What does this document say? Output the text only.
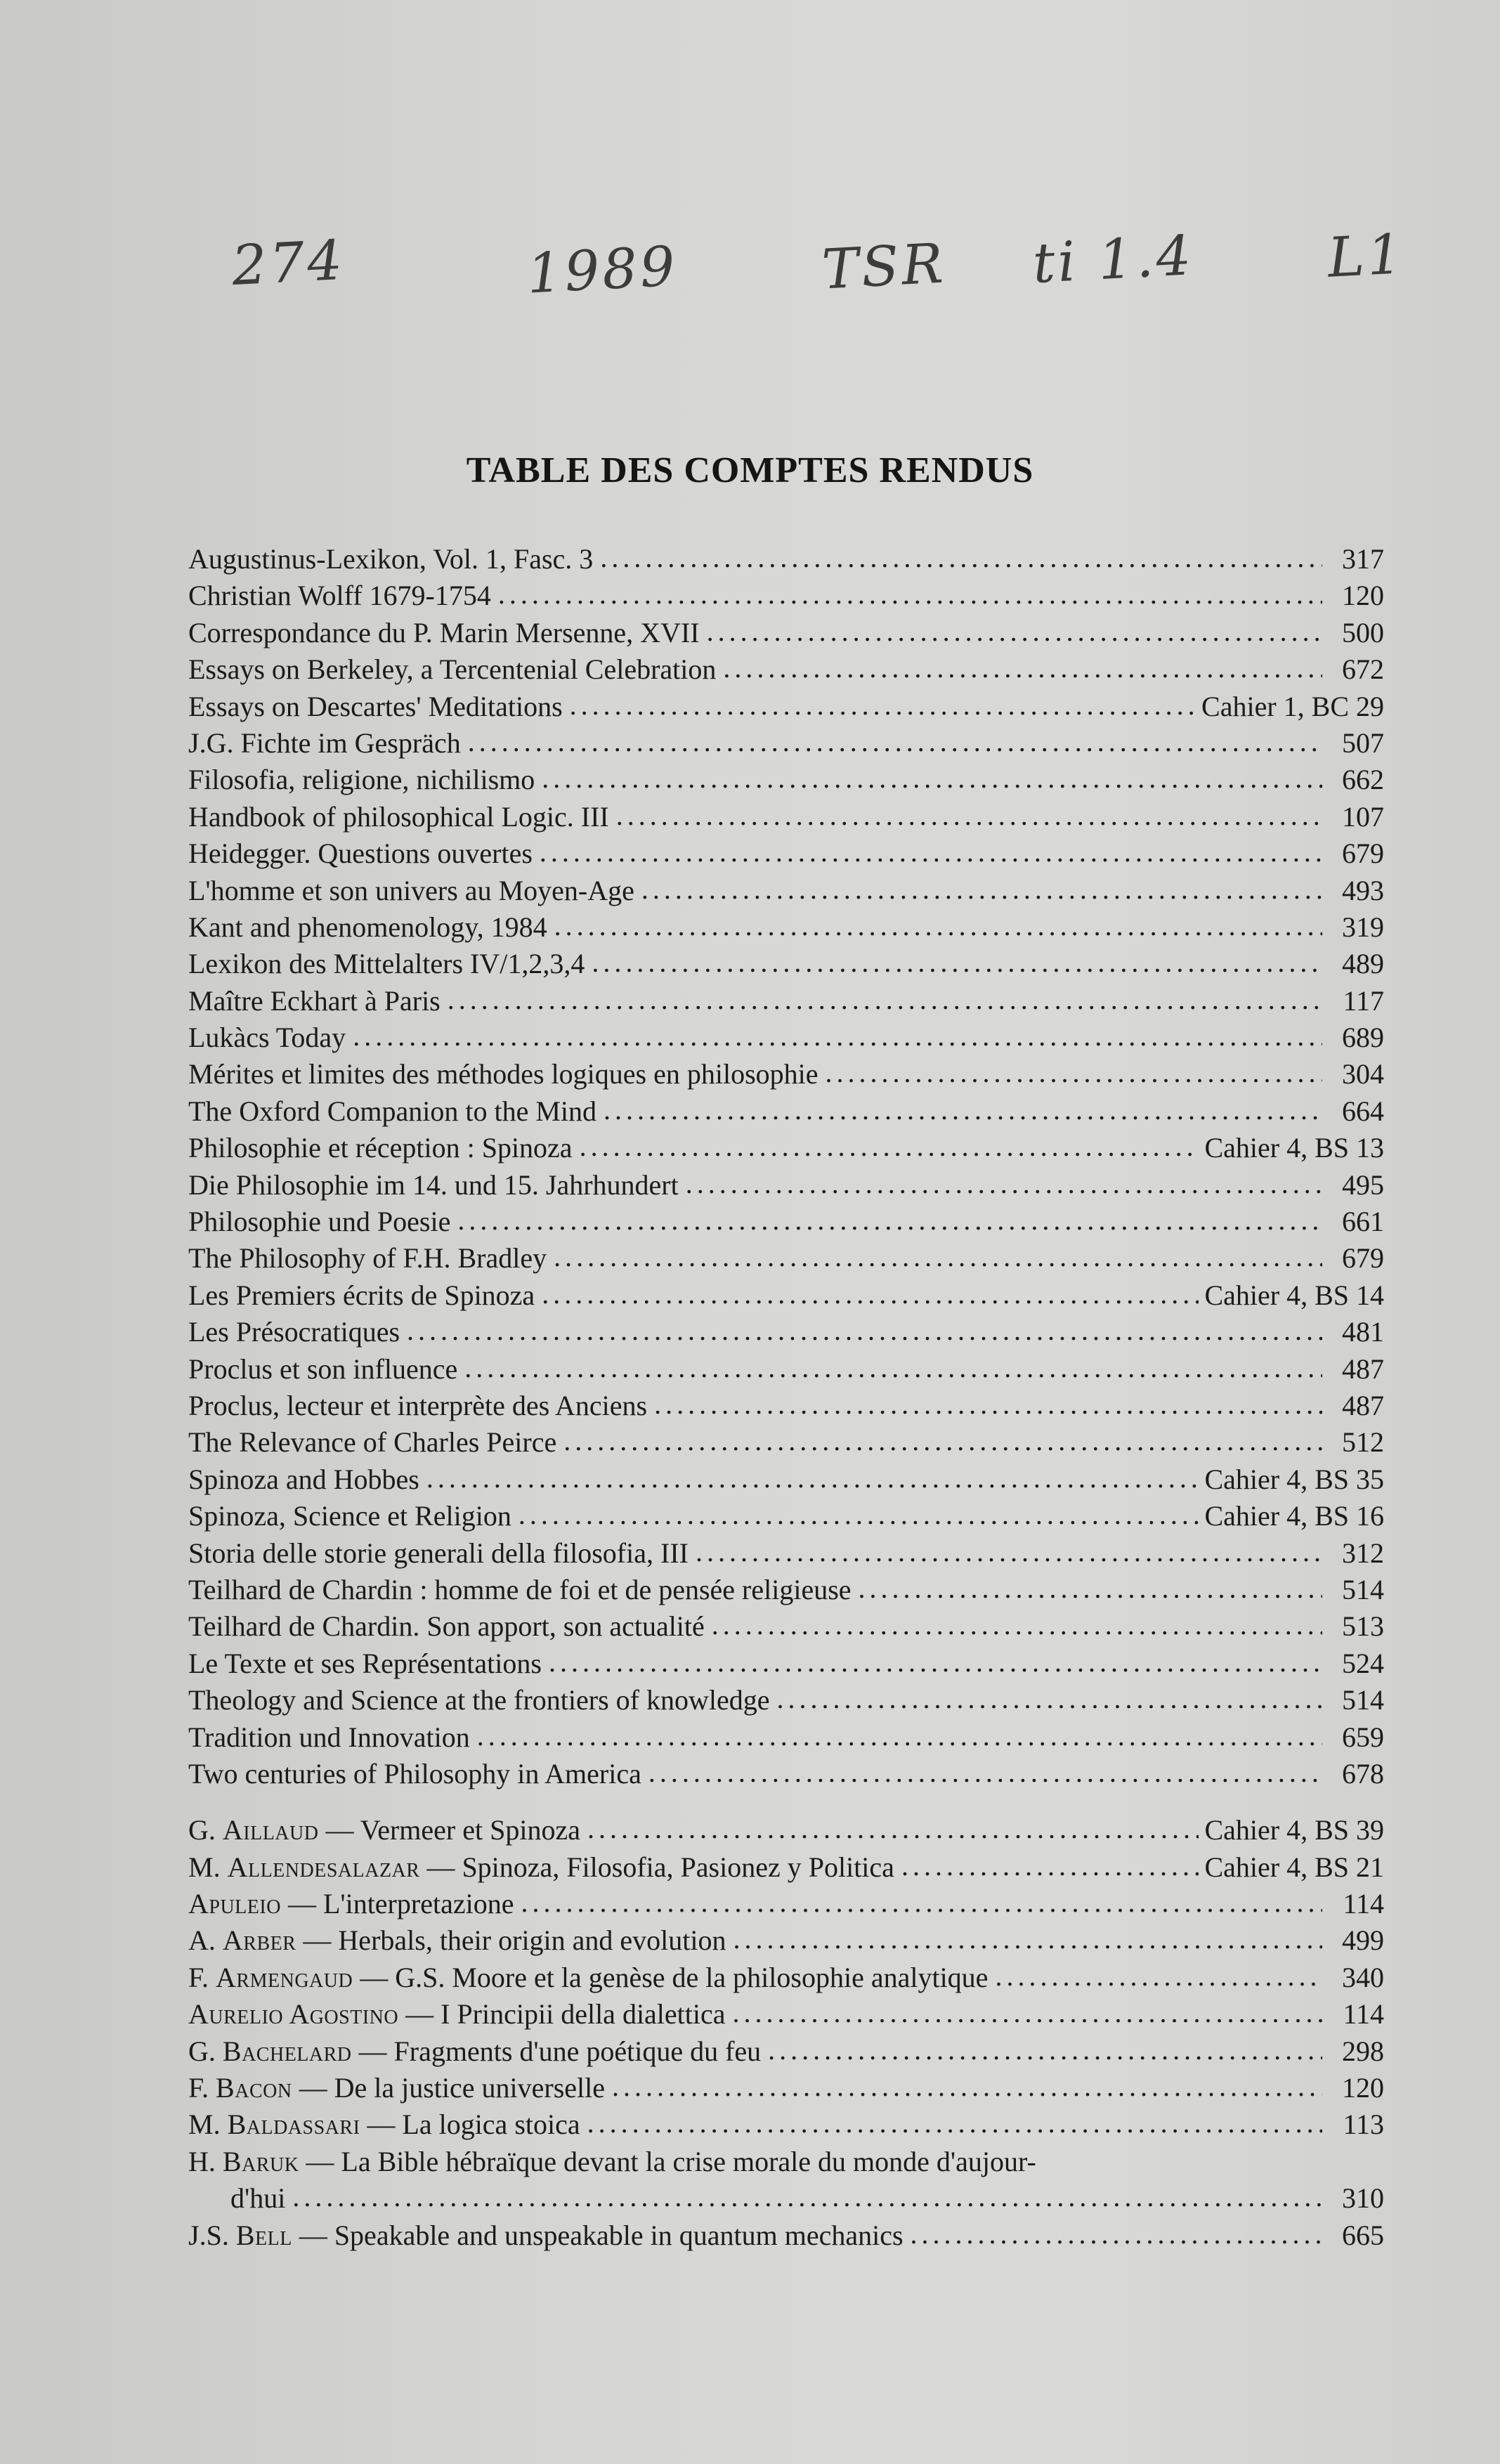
274	1989	TSR ti 1.4 L1
TABLE DES COMPTES RENDUS
Augustinus-Lexikon, Vol. 1, Fasc. 3 . . .	317
Christian Wolff 1679-1754 . . .	120
Correspondance du P. Marin Mersenne, XVII . . .	500
Essays on Berkeley, a Tercentenial Celebration . . .	672
Essays on Descartes' Meditations . . .	Cahier 1, BC 29
J.G. Fichte im Gespräch . . .	507
Filosofia, religione, nichilismo . . .	662
Handbook of philosophical Logic. III . . .	107
Heidegger. Questions ouvertes . . .	679
L'homme et son univers au Moyen-Age . . .	493
Kant and phenomenology, 1984 . . .	319
Lexikon des Mittelalters IV/1,2,3,4 . . .	489
Maître Eckhart à Paris . . .	117
Lukàcs Today . . .	689
Mérites et limites des méthodes logiques en philosophie . . .	304
The Oxford Companion to the Mind . . .	664
Philosophie et réception : Spinoza . . .	Cahier 4, BS 13
Die Philosophie im 14. und 15. Jahrhundert . . .	495
Philosophie und Poesie . . .	661
The Philosophy of F.H. Bradley . . .	679
Les Premiers écrits de Spinoza . . .	Cahier 4, BS 14
Les Présocratiques . . .	481
Proclus et son influence . . .	487
Proclus, lecteur et interprète des Anciens . . .	487
The Relevance of Charles Peirce . . .	512
Spinoza and Hobbes . . .	Cahier 4, BS 35
Spinoza, Science et Religion . . .	Cahier 4, BS 16
Storia delle storie generali della filosofia, III . . .	312
Teilhard de Chardin : homme de foi et de pensée religieuse . . .	514
Teilhard de Chardin. Son apport, son actualité . . .	513
Le Texte et ses Représentations . . .	524
Theology and Science at the frontiers of knowledge . . .	514
Tradition und Innovation . . .	659
Two centuries of Philosophy in America . . .	678
G. Aillaud — Vermeer et Spinoza . . .	Cahier 4, BS 39
M. Allendesalazar — Spinoza, Filosofia, Pasionez y Politica . . .	Cahier 4, BS 21
Apuleio — L'interpretazione . . .	114
A. Arber — Herbals, their origin and evolution . . .	499
F. Armengaud — G.S. Moore et la genèse de la philosophie analytique . . .	340
Aurelio Agostino — I Principii della dialettica . . .	114
G. Bachelard — Fragments d'une poétique du feu . . .	298
F. Bacon — De la justice universelle . . .	120
M. Baldassari — La logica stoica . . .	113
H. Baruk — La Bible hébraïque devant la crise morale du monde d'aujour-
d'hui . . .	310
J.S. Bell — Speakable and unspeakable in quantum mechanics . . .	665
